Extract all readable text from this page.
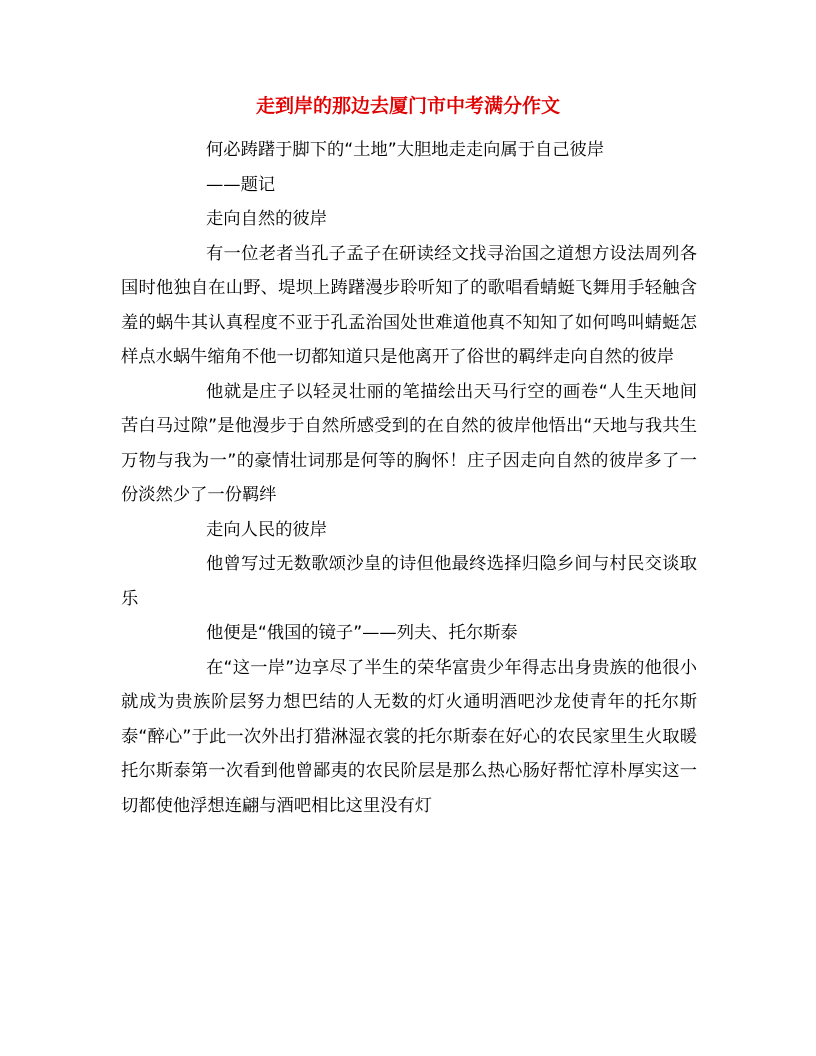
走到岸的那边去厦门市中考满分作文

何必踌躇于脚下的“土地”大胆地走走向属于自己彼岸

——题记

走向自然的彼岸

有一位老者当孔子孟子在研读经文找寻治国之道想方设法周列各国时他独自在山野、堤坝上踌躇漫步聆听知了的歌唱看蜻蜓飞舞用手轻触含羞的蜗牛其认真程度不亚于孔孟治国处世难道他真不知知了如何鸣叫蜻蜓怎样点水蜗牛缩角不他一切都知道只是他离开了俗世的羁绊走向自然的彼岸

他就是庄子以轻灵壮丽的笔描绘出天马行空的画卷“人生天地间苦白马过隙”是他漫步于自然所感受到的在自然的彼岸他悟出“天地与我共生万物与我为一”的豪情壮词那是何等的胸怀！庄子因走向自然的彼岸多了一份淡然少了一份羁绊

走向人民的彼岸

他曾写过无数歌颂沙皇的诗但他最终选择归隐乡间与村民交谈取乐

他便是“俄国的镜子”——列夫、托尔斯泰

在“这一岸”边享尽了半生的荣华富贵少年得志出身贵族的他很小就成为贵族阶层努力想巴结的人无数的灯火通明酒吧沙龙使青年的托尔斯泰“醉心”于此一次外出打猎淋湿衣裳的托尔斯泰在好心的农民家里生火取暖托尔斯泰第一次看到他曾鄙夷的农民阶层是那么热心肠好帮忙淳朴厚实这一切都使他浮想连翩与酒吧相比这里没有灯
